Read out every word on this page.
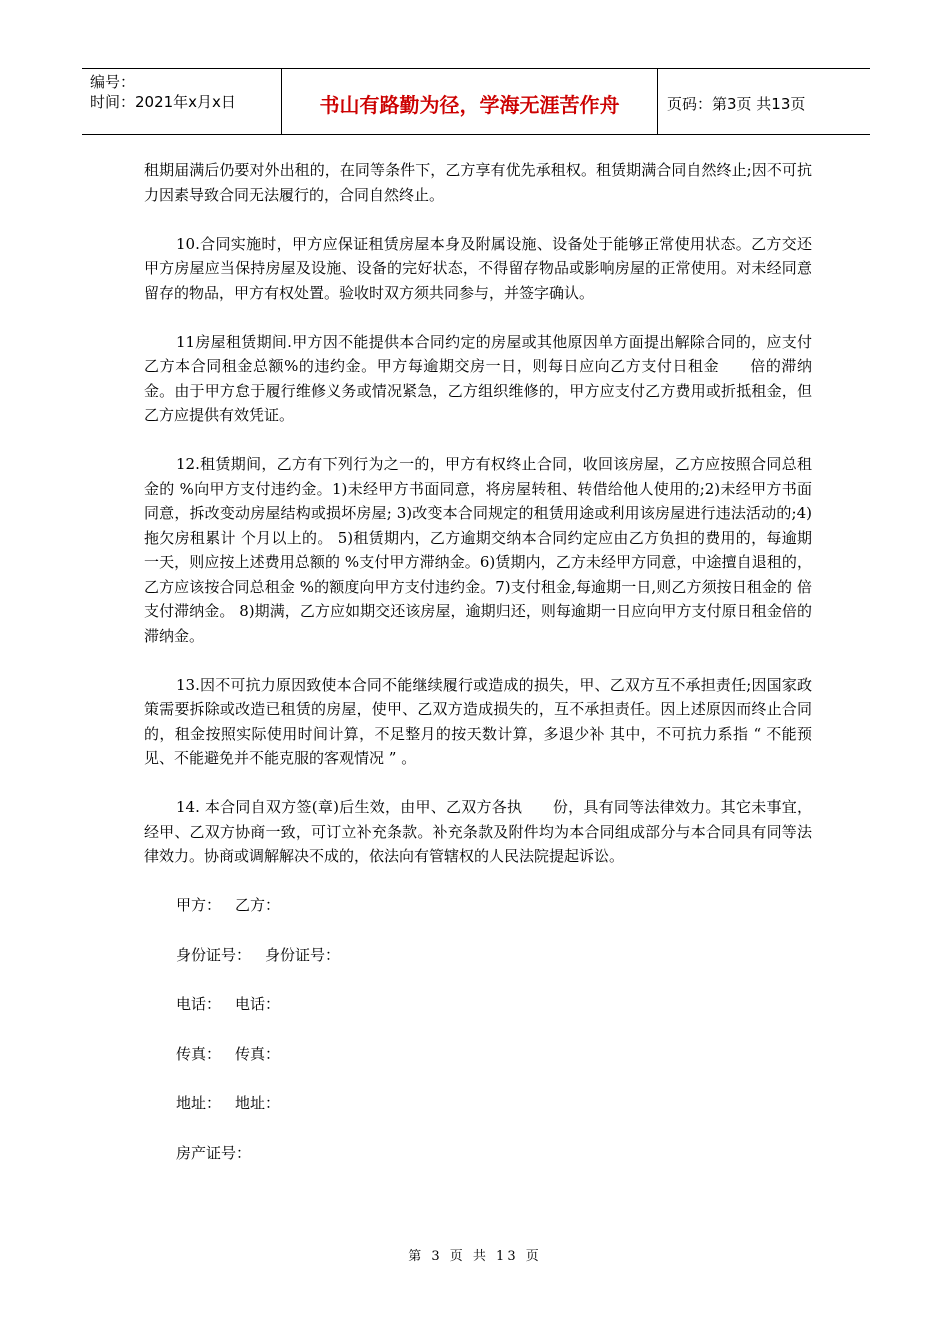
编号：
时间：2021年x月x日	书山有路勤为径，学海无涯苦作舟	页码：第3页 共13页

租期届满后仍要对外出租的，在同等条件下，乙方享有优先承租权。租赁期满合同自然终止;因不可抗力因素导致合同无法履行的，合同自然终止。

10.合同实施时，甲方应保证租赁房屋本身及附属设施、设备处于能够正常使用状态。乙方交还甲方房屋应当保持房屋及设施、设备的完好状态，不得留存物品或影响房屋的正常使用。对未经同意留存的物品，甲方有权处置。验收时双方须共同参与，并签字确认。

11房屋租赁期间.甲方因不能提供本合同约定的房屋或其他原因单方面提出解除合同的，应支付乙方本合同租金总额%的违约金。甲方每逾期交房一日，则每日应向乙方支付日租金　　倍的滞纳金。由于甲方怠于履行维修义务或情况紧急，乙方组织维修的，甲方应支付乙方费用或折抵租金，但乙方应提供有效凭证。

12.租赁期间，乙方有下列行为之一的，甲方有权终止合同，收回该房屋，乙方应按照合同总租金的 %向甲方支付违约金。1)未经甲方书面同意，将房屋转租、转借给他人使用的;2)未经甲方书面同意，拆改变动房屋结构或损坏房屋; 3)改变本合同规定的租赁用途或利用该房屋进行违法活动的;4)拖欠房租累计 个月以上的。 5)租赁期内，乙方逾期交纳本合同约定应由乙方负担的费用的，每逾期一天，则应按上述费用总额的 %支付甲方滞纳金。6)赁期内，乙方未经甲方同意，中途擅自退租的，乙方应该按合同总租金 %的额度向甲方支付违约金。7)支付租金,每逾期一日,则乙方须按日租金的 倍支付滞纳金。 8)期满，乙方应如期交还该房屋，逾期归还，则每逾期一日应向甲方支付原日租金倍的滞纳金。

13.因不可抗力原因致使本合同不能继续履行或造成的损失，甲、乙双方互不承担责任;因国家政策需要拆除或改造已租赁的房屋，使甲、乙双方造成损失的，互不承担责任。因上述原因而终止合同的，租金按照实际使用时间计算，不足整月的按天数计算，多退少补 其中，不可抗力系指 “ 不能预见、不能避免并不能克服的客观情况 ” 。

14. 本合同自双方签(章)后生效，由甲、乙双方各执　　份，具有同等法律效力。其它未事宜，经甲、乙双方协商一致，可订立补充条款。补充条款及附件均为本合同组成部分与本合同具有同等法律效力。协商或调解解决不成的，依法向有管辖权的人民法院提起诉讼。

甲方： 乙方：
身份证号： 身份证号：
电话： 电话：
传真： 传真：
地址： 地址：
房产证号：
第 3 页 共 13 页
